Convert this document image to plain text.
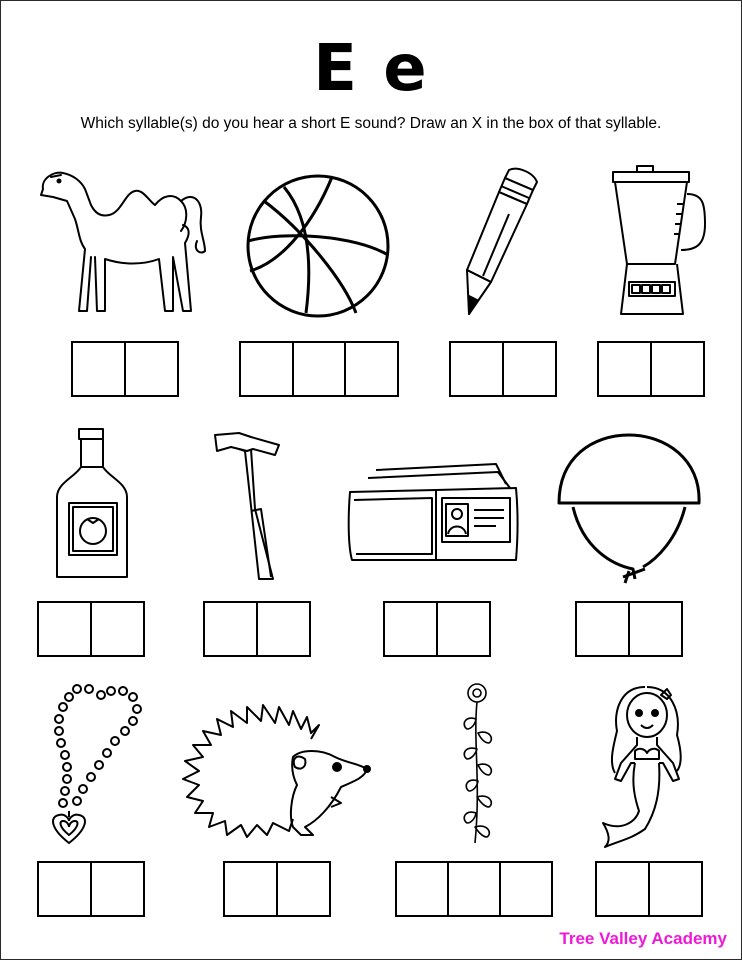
E e
Which syllable(s) do you hear a short E sound? Draw an X in the box of that syllable.
Tree Valley Academy
